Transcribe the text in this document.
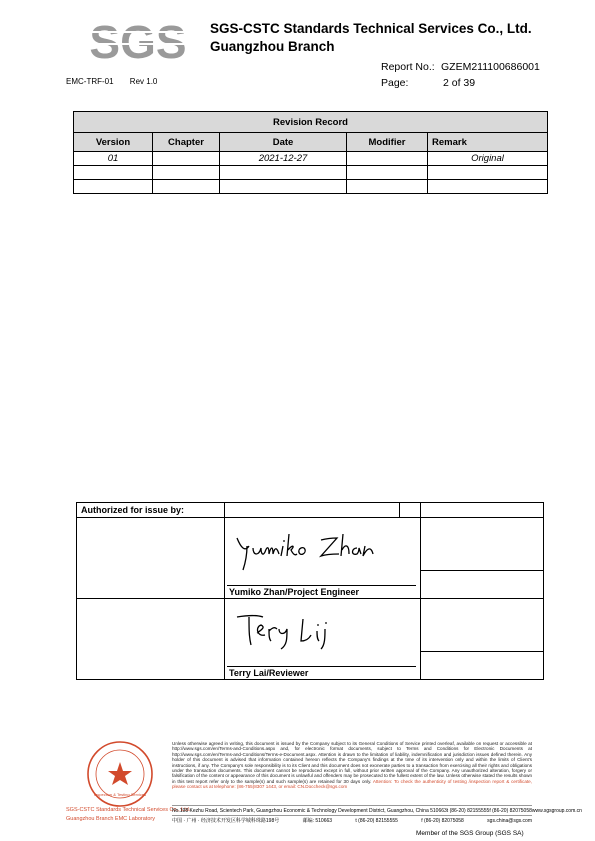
SGS SGS-CSTC Standards Technical Services Co., Ltd.
Guangzhou Branch
EMC-TRF-01 Rev 1.0
Report No.: GZEM211100686001
Page:	2 of 39
Revision Record				
Version	Chapter	Date	Modifier	Remark
01		2021-12-27		Original

Authorized for issue by:			

	Yumiko Zhan/Project Engineer		

	Terry Lai/Reviewer		

Inspection & Testing Services
Unless otherwise agreed in writing, this document is issued by the Company subject to its General Conditions of Service printed overleaf, available on request or accessible at http://www.sgs.com/en/Terms-and-Conditions.aspx and, for electronic format documents, subject to Terms and Conditions for Electronic Documents at http://www.sgs.com/en/Terms-and-Conditions/Terms-e-Document.aspx. Attention is drawn to the limitation of liability, indemnification and jurisdiction issues defined therein. Any holder of this document is advised that information contained hereon reflects the Company's findings at the time of its intervention only and within the limits of Client's instructions, if any. The Company's sole responsibility is to its Client and this document does not exonerate parties to a transaction from exercising all their rights and obligations under the transaction documents. This document cannot be reproduced except in full, without prior written approval of the Company. Any unauthorized alteration, forgery or falsification of the content or appearance of this document is unlawful and offenders may be prosecuted to the fullest extent of the law. Unless otherwise stated the results shown in this test report refer only to the sample(s) and such sample(s) are retained for 30 days only. Attention: To check the authenticity of testing /inspection report & certificate, please contact us at telephone: (86-755)8307 1443, or email: CN.Doccheck@sgs.com
SGS-CSTC Standards Technical Services Co., Ltd.
Guangzhou Branch EMC Laboratory
No.198 Kezhu Road, Scientech Park, Guangzhou Economic & Technology Development District, Guangzhou, China 510663 t (86-20) 82155555 f (86-20) 82075058 www.sgsgroup.com.cn
中国 · 广州 · 经济技术开发区科学城科珠路198号	邮编: 510663	t (86-20) 82155555	f (86-20) 82075058	sgs.china@sgs.com
Member of the SGS Group (SGS SA)
